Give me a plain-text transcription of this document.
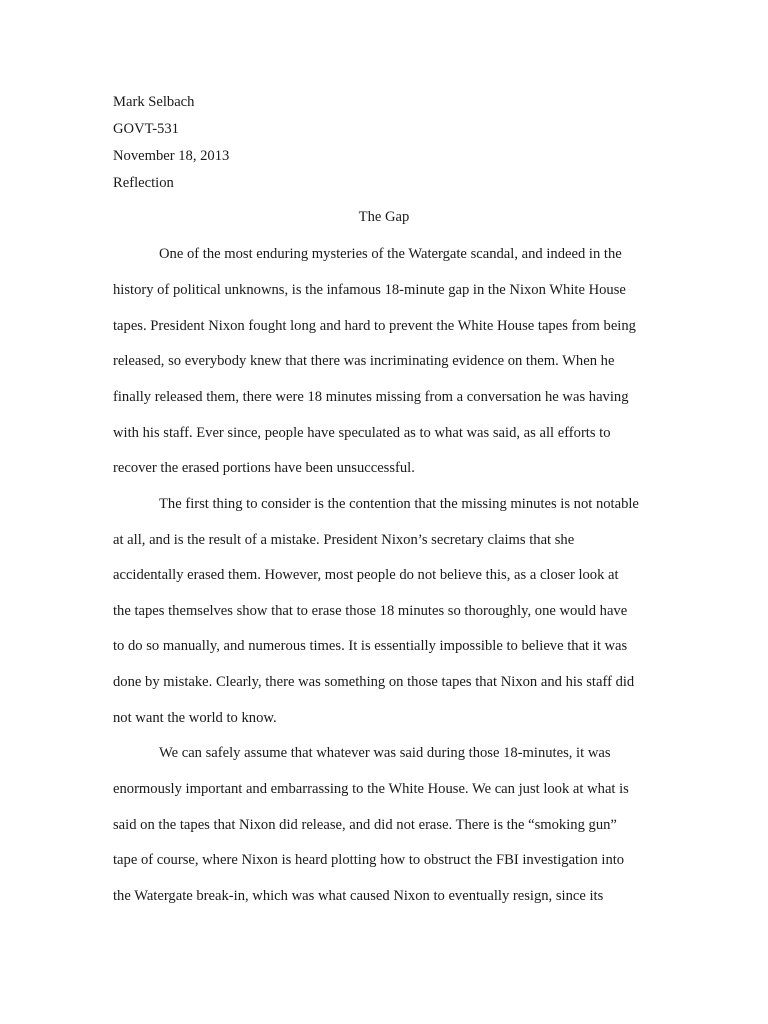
Mark Selbach
GOVT-531
November 18, 2013
Reflection
The Gap
One of the most enduring mysteries of the Watergate scandal, and indeed in the
history of political unknowns, is the infamous 18-minute gap in the Nixon White House
tapes. President Nixon fought long and hard to prevent the White House tapes from being
released, so everybody knew that there was incriminating evidence on them. When he
finally released them, there were 18 minutes missing from a conversation he was having
with his staff. Ever since, people have speculated as to what was said, as all efforts to
recover the erased portions have been unsuccessful.
The first thing to consider is the contention that the missing minutes is not notable
at all, and is the result of a mistake. President Nixon’s secretary claims that she
accidentally erased them. However, most people do not believe this, as a closer look at
the tapes themselves show that to erase those 18 minutes so thoroughly, one would have
to do so manually, and numerous times. It is essentially impossible to believe that it was
done by mistake. Clearly, there was something on those tapes that Nixon and his staff did
not want the world to know.
We can safely assume that whatever was said during those 18-minutes, it was
enormously important and embarrassing to the White House. We can just look at what is
said on the tapes that Nixon did release, and did not erase. There is the “smoking gun”
tape of course, where Nixon is heard plotting how to obstruct the FBI investigation into
the Watergate break-in, which was what caused Nixon to eventually resign, since its
